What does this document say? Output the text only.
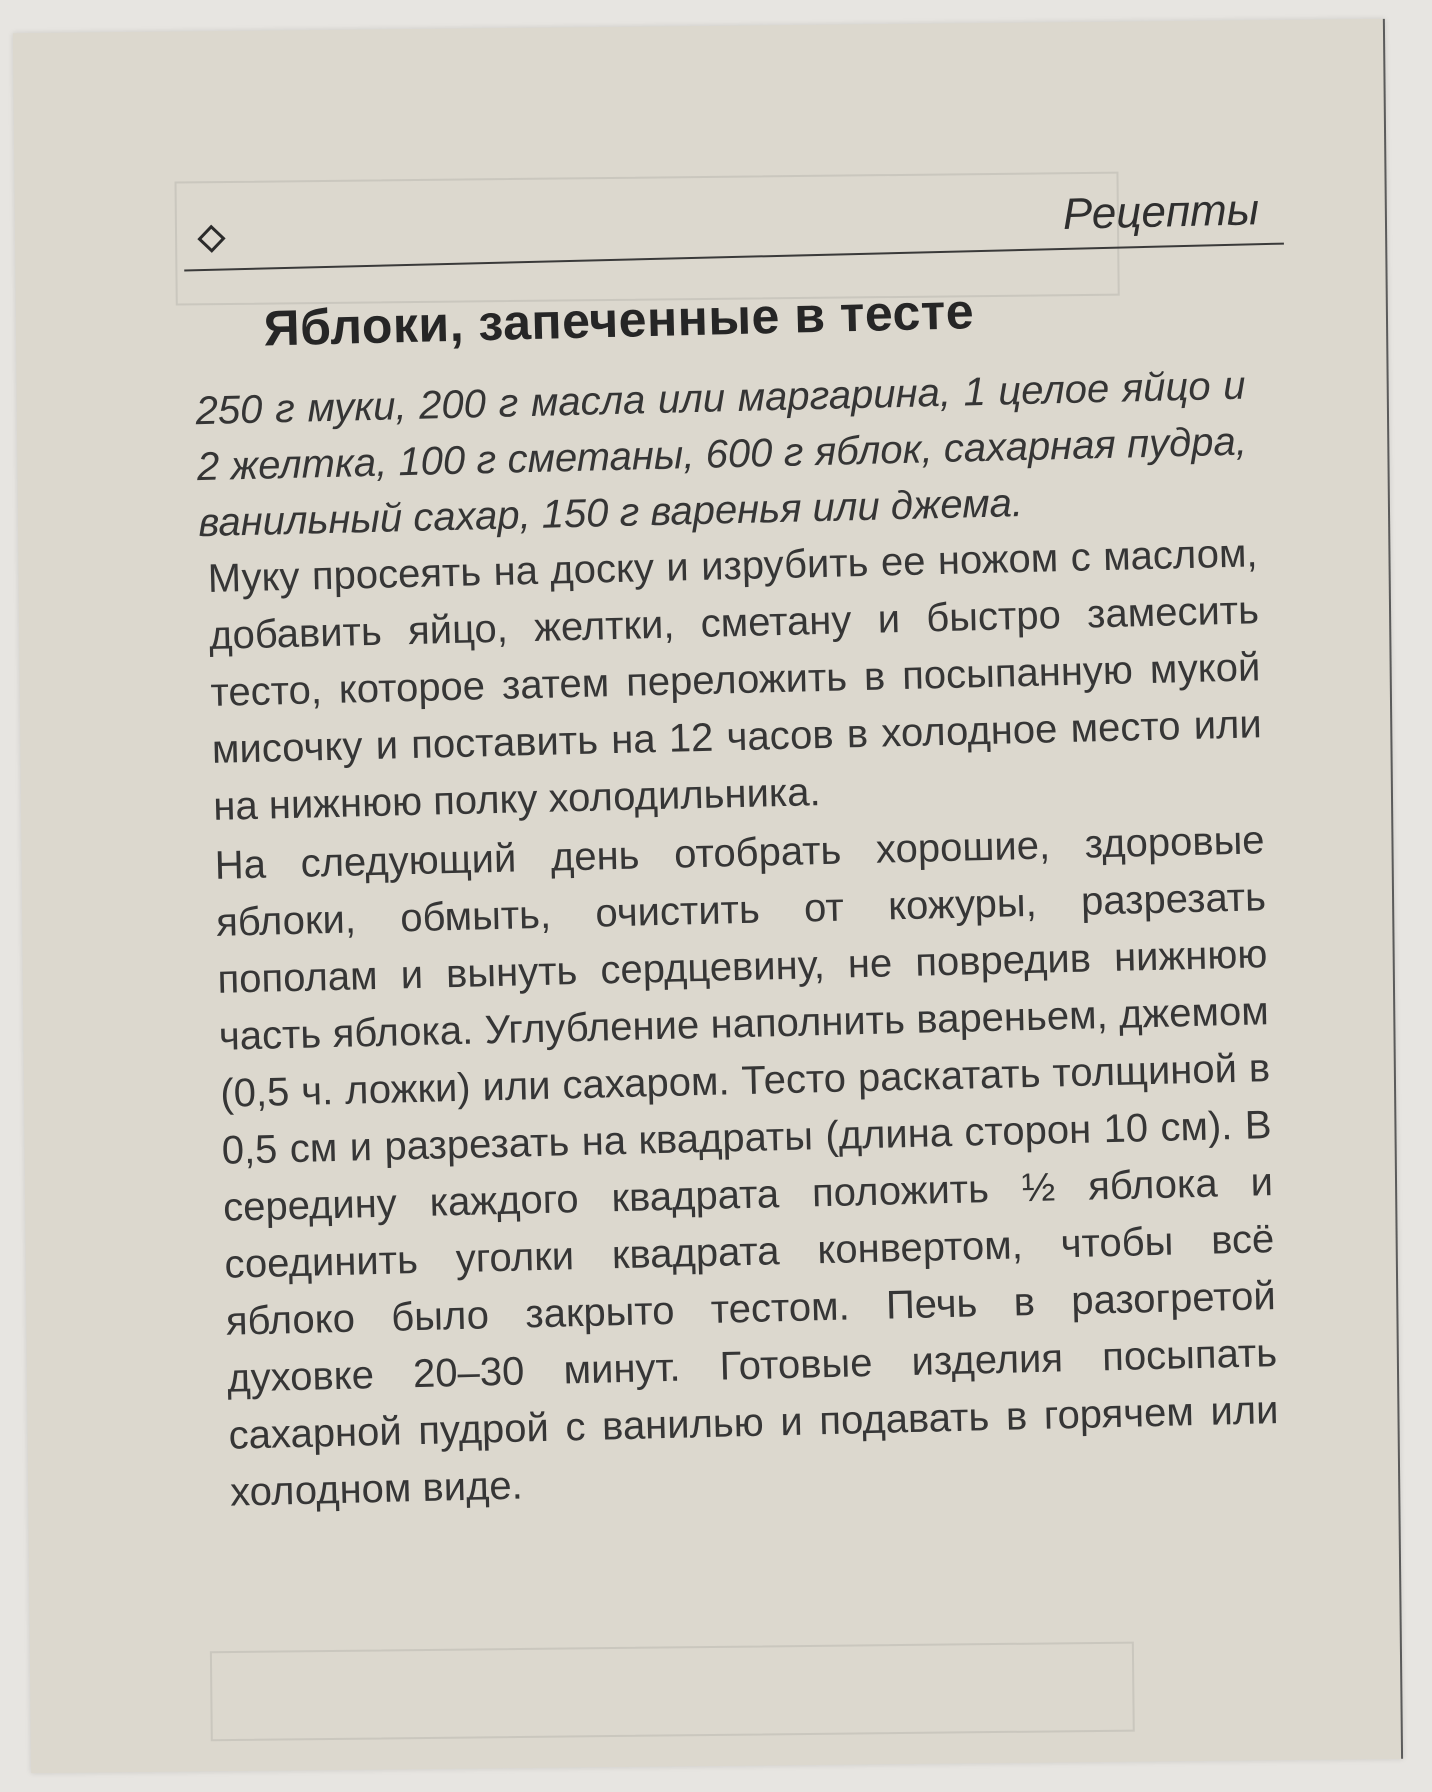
Рецепты
Яблоки, запеченные в тесте

250 г муки, 200 г масла или маргарина, 1 целое яйцо и 2 желтка, 100 г сметаны, 600 г яблок, сахарная пудра, ванильный сахар, 150 г варенья или джема.

Муку просеять на доску и изрубить ее ножом с маслом, добавить яйцо, желтки, сметану и быстро замесить тесто, которое затем переложить в посыпанную мукой мисочку и поставить на 12 часов в холодное место или на нижнюю полку холодильника.

На следующий день отобрать хорошие, здоровые яблоки, обмыть, очистить от кожуры, разрезать пополам и вынуть сердцевину, не повредив нижнюю часть яблока. Углубление наполнить вареньем, джемом (0,5 ч. ложки) или сахаром. Тесто раскатать толщиной в 0,5 см и разрезать на квадраты (длина сторон 10 см). В середину каждого квадрата положить ½ яблока и соединить уголки квадрата конвертом, чтобы всё яблоко было закрыто тестом. Печь в разогретой духовке 20–30 минут. Готовые изделия посыпать сахарной пудрой с ванилью и подавать в горячем или холодном виде.
